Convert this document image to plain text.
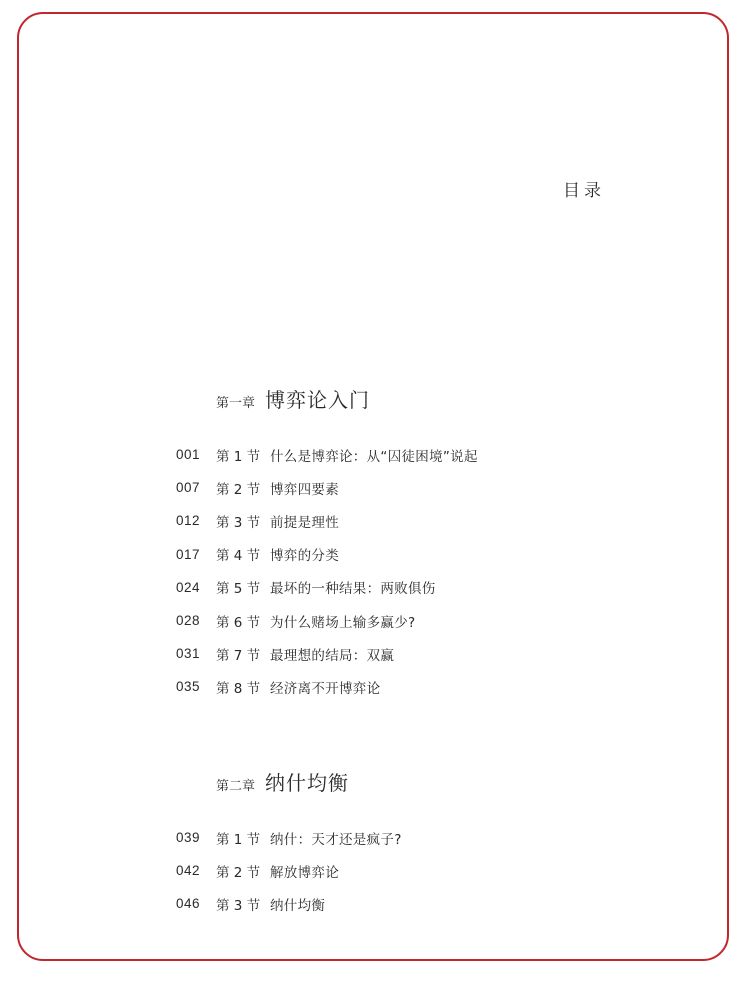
目录
第一章 博弈论入门
001	第 1 节 什么是博弈论：从“囚徒困境”说起
007	第 2 节 博弈四要素
012	第 3 节 前提是理性
017	第 4 节 博弈的分类
024	第 5 节 最坏的一种结果：两败俱伤
028	第 6 节 为什么赌场上输多赢少?
031	第 7 节 最理想的结局：双赢
035	第 8 节 经济离不开博弈论
第二章 纳什均衡
039	第 1 节 纳什：天才还是疯子?
042	第 2 节 解放博弈论
046	第 3 节 纳什均衡
